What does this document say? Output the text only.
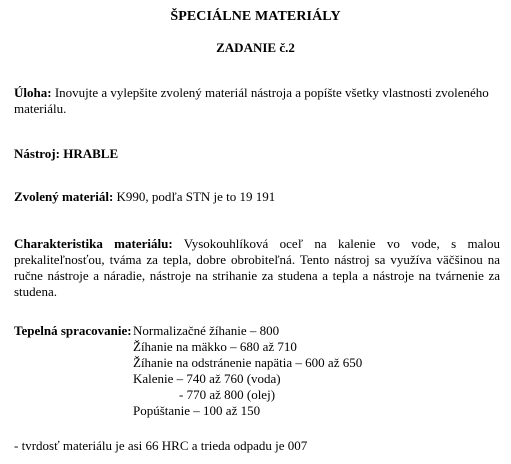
ŠPECIÁLNE MATERIÁLY
ZADANIE č.2
Úloha: Inovujte a vylepšite zvolený materiál nástroja a popíšte všetky vlastnosti zvoleného materiálu.
Nástroj: HRABLE
Zvolený materiál: K990, podľa STN je to 19 191
Charakteristika materiálu: Vysokouhlíková oceľ na kalenie vo vode, s malou prekaliteľnosťou, tváma za tepla, dobre obrobiteľná. Tento nástroj sa využíva väčšinou na ručne nástroje a náradie, nástroje na strihanie za studena a tepla a nástroje na tvárnenie za studena.
Tepelná spracovanie: Normalizačné žíhanie – 800
Žíhanie na mäkko – 680 až 710
Žíhanie na odstránenie napätia – 600 až 650
Kalenie – 740 až 760 (voda)
- 770 až 800 (olej)
Popúštanie – 100 až 150
- tvrdosť materiálu je asi 66 HRC a trieda odpadu je 007
